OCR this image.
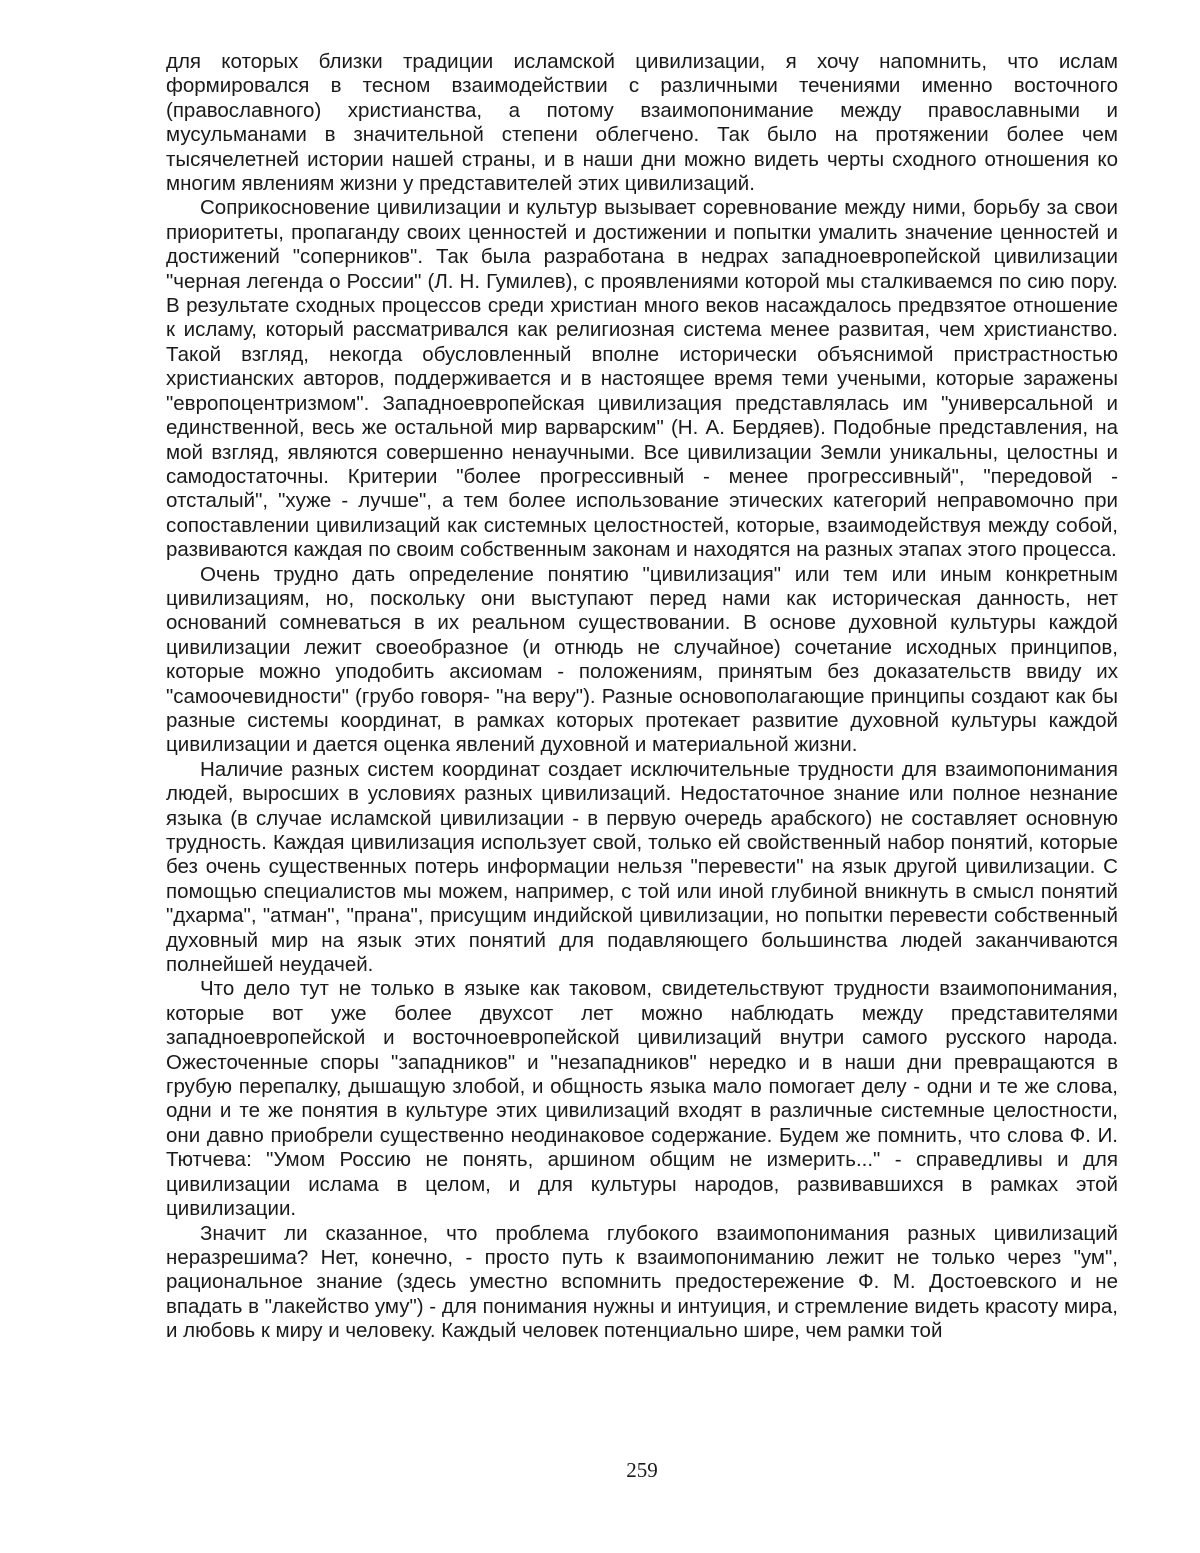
для которых близки традиции исламской цивилизации, я хочу напомнить, что ислам формировался в тесном взаимодействии с различными течениями именно восточного (православного) христианства, а потому взаимопонимание между православными и мусульманами в значительной степени облегчено. Так было на протяжении более чем тысячелетней истории нашей страны, и в наши дни можно видеть черты сходного отношения ко многим явлениям жизни у представителей этих цивилизаций.

Соприкосновение цивилизации и культур вызывает соревнование между ними, борьбу за свои приоритеты, пропаганду своих ценностей и достижении и попытки умалить значение ценностей и достижений "соперников". Так была разработана в недрах западноевропейской цивилизации "черная легенда о России" (Л. Н. Гумилев), с проявлениями которой мы сталкиваемся по сию пору. В результате сходных процессов среди христиан много веков насаждалось предвзятое отношение к исламу, который рассматривался как религиозная система менее развитая, чем христианство. Такой взгляд, некогда обусловленный вполне исторически объяснимой пристрастностью христианских авторов, поддерживается и в настоящее время теми учеными, которые заражены "европоцентризмом". Западноевропейская цивилизация представлялась им "универсальной и единственной, весь же остальной мир варварским" (Н. А. Бердяев). Подобные представления, на мой взгляд, являются совершенно ненаучными. Все цивилизации Земли уникальны, целостны и самодостаточны. Критерии "более прогрессивный - менее прогрессивный", "передовой - отсталый", "хуже - лучше", а тем более использование этических категорий неправомочно при сопоставлении цивилизаций как системных целостностей, которые, взаимодействуя между собой, развиваются каждая по своим собственным законам и находятся на разных этапах этого процесса.

Очень трудно дать определение понятию "цивилизация" или тем или иным конкретным цивилизациям, но, поскольку они выступают перед нами как историческая данность, нет оснований сомневаться в их реальном существовании. В основе духовной культуры каждой цивилизации лежит своеобразное (и отнюдь не случайное) сочетание исходных принципов, которые можно уподобить аксиомам - положениям, принятым без доказательств ввиду их "самоочевидности" (грубо говоря- "на веру"). Разные основополагающие принципы создают как бы разные системы координат, в рамках которых протекает развитие духовной культуры каждой цивилизации и дается оценка явлений духовной и материальной жизни.

Наличие разных систем координат создает исключительные трудности для взаимопонимания людей, выросших в условиях разных цивилизаций. Недостаточное знание или полное незнание языка (в случае исламской цивилизации - в первую очередь арабского) не составляет основную трудность. Каждая цивилизация использует свой, только ей свойственный набор понятий, которые без очень существенных потерь информации нельзя "перевести" на язык другой цивилизации. С помощью специалистов мы можем, например, с той или иной глубиной вникнуть в смысл понятий "дхарма", "атман", "прана", присущим индийской цивилизации, но попытки перевести собственный духовный мир на язык этих понятий для подавляющего большинства людей заканчиваются полнейшей неудачей.

Что дело тут не только в языке как таковом, свидетельствуют трудности взаимопонимания, которые вот уже более двухсот лет можно наблюдать между представителями западноевропейской и восточноевропейской цивилизаций внутри самого русского народа. Ожесточенные споры "западников" и "незападников" нередко и в наши дни превращаются в грубую перепалку, дышащую злобой, и общность языка мало помогает делу - одни и те же слова, одни и те же понятия в культуре этих цивилизаций входят в различные системные целостности, они давно приобрели существенно неодинаковое содержание. Будем же помнить, что слова Ф. И. Тютчева: "Умом Россию не понять, аршином общим не измерить..." - справедливы и для цивилизации ислама в целом, и для культуры народов, развивавшихся в рамках этой цивилизации.

Значит ли сказанное, что проблема глубокого взаимопонимания разных цивилизаций неразрешима? Нет, конечно, - просто путь к взаимопониманию лежит не только через "ум", рациональное знание (здесь уместно вспомнить предостережение Ф. М. Достоевского и не впадать в "лакейство уму") - для понимания нужны и интуиция, и стремление видеть красоту мира, и любовь к миру и человеку. Каждый человек потенциально шире, чем рамки той

259
